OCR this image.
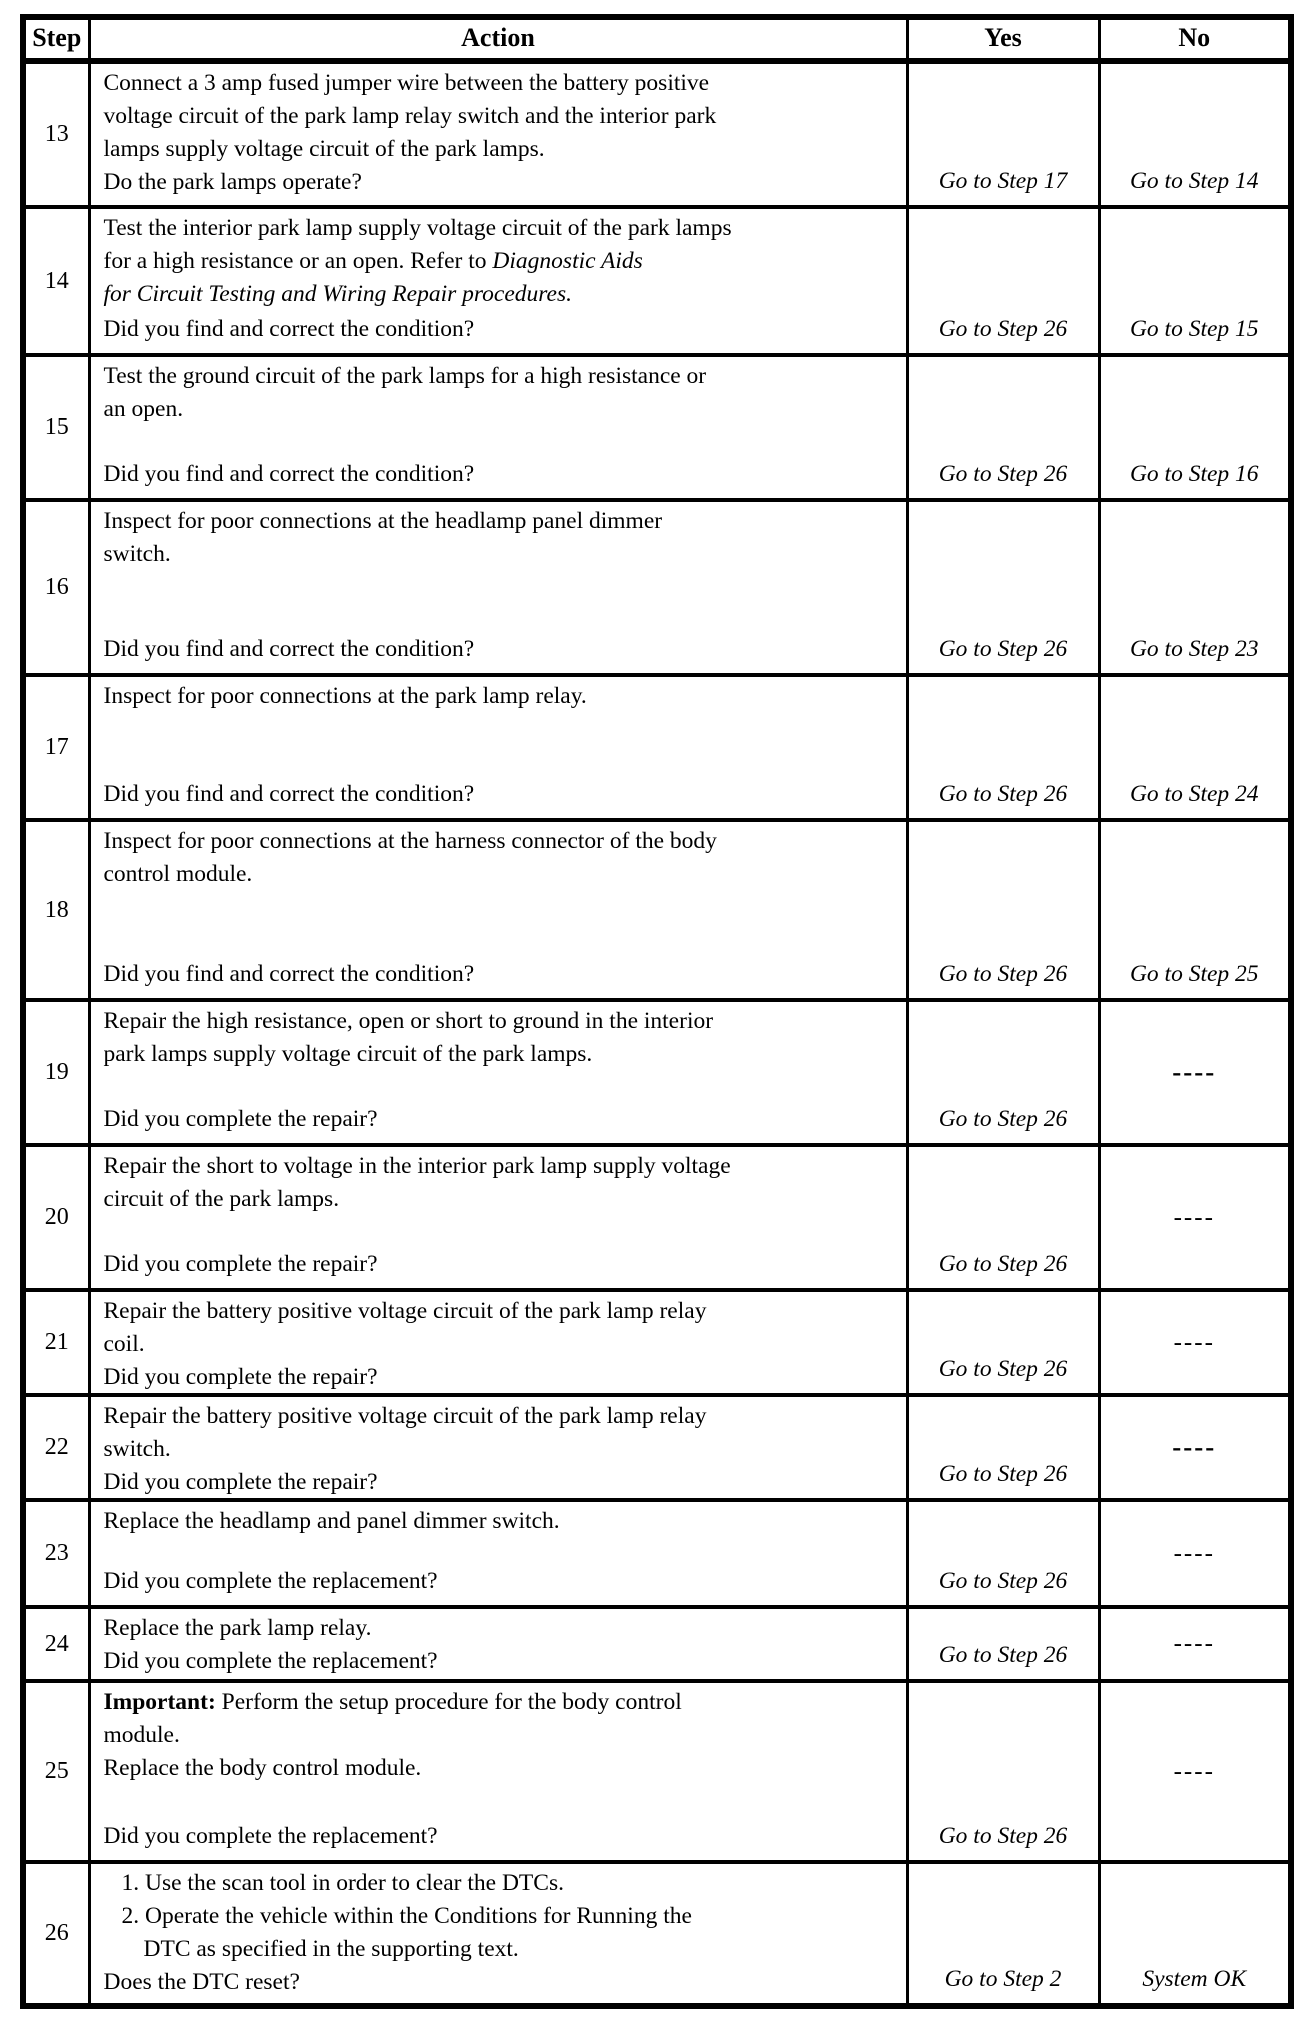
Step	Action	Yes	No
13	Connect a 3 amp fused jumper wire between the battery positive
voltage circuit of the park lamp relay switch and the interior park
lamps supply voltage circuit of the park lamps.
Do the park lamps operate?	Go to Step 17	Go to Step 14
14	Test the interior park lamp supply voltage circuit of the park lamps
for a high resistance or an open. Refer to Diagnostic Aids
for Circuit Testing and Wiring Repair procedures.
Did you find and correct the condition?	Go to Step 26	Go to Step 15
15	Test the ground circuit of the park lamps for a high resistance or
an open.
Did you find and correct the condition?	Go to Step 26	Go to Step 16
16	Inspect for poor connections at the headlamp panel dimmer
switch.
Did you find and correct the condition?	Go to Step 26	Go to Step 23
17	Inspect for poor connections at the park lamp relay.
Did you find and correct the condition?	Go to Step 26	Go to Step 24
18	Inspect for poor connections at the harness connector of the body
control module.
Did you find and correct the condition?	Go to Step 26	Go to Step 25
19	Repair the high resistance, open or short to ground in the interior
park lamps supply voltage circuit of the park lamps.
Did you complete the repair?	Go to Step 26	----
20	Repair the short to voltage in the interior park lamp supply voltage
circuit of the park lamps.
Did you complete the repair?	Go to Step 26	----
21	Repair the battery positive voltage circuit of the park lamp relay
coil.
Did you complete the repair?	Go to Step 26	----
22	Repair the battery positive voltage circuit of the park lamp relay
switch.
Did you complete the repair?	Go to Step 26	----
23	Replace the headlamp and panel dimmer switch.
Did you complete the replacement?	Go to Step 26	----
24	Replace the park lamp relay.
Did you complete the replacement?	Go to Step 26	----
25	Important: Perform the setup procedure for the body control
module.
Replace the body control module.
Did you complete the replacement?	Go to Step 26	----
26	1. Use the scan tool in order to clear the DTCs.
2. Operate the vehicle within the Conditions for Running the
DTC as specified in the supporting text.
Does the DTC reset?	Go to Step 2	System OK
